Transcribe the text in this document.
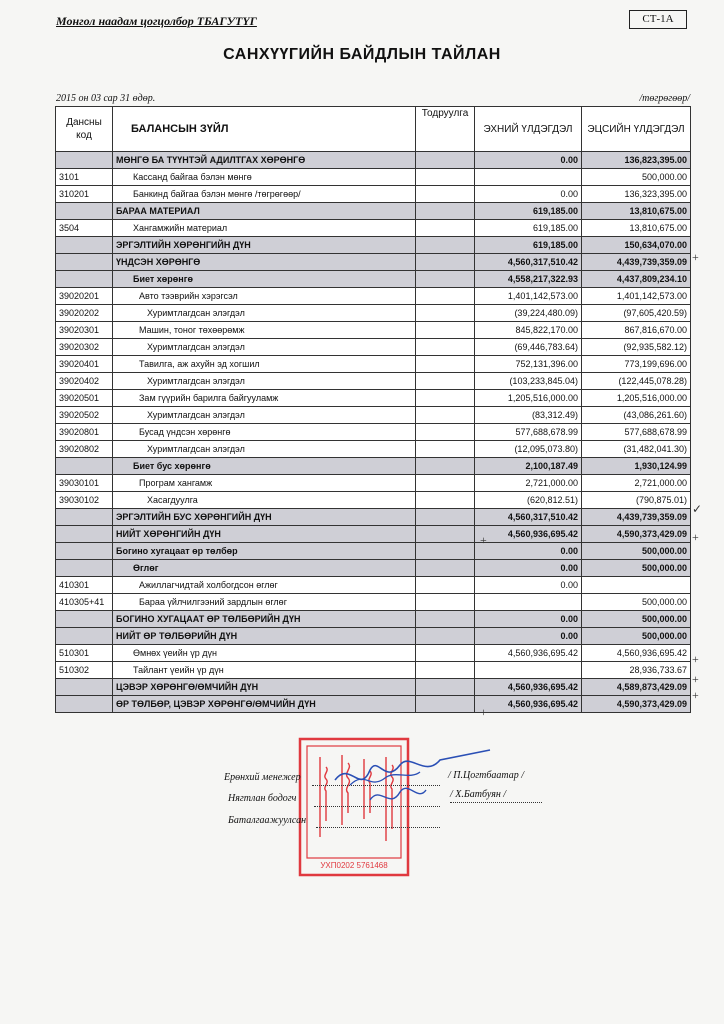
Монгол наадам цогцолбор ТБАГУТҮГ	СТ-1А
САНХҮҮГИЙН БАЙДЛЫН ТАЙЛАН
2015 он 03 сар 31 өдөр.	/төгрөгөөр/
Дансны код	БАЛАНСЫН ЗҮЙЛ	Тодруулга	ЭХНИЙ ҮЛДЭГДЭЛ	ЭЦСИЙН ҮЛДЭГДЭЛ
	МӨНГӨ БА ТҮҮНТЭЙ АДИЛТГАХ ХӨРӨНГӨ		0.00	136,823,395.00
3101	Кассанд байгаа бэлэн мөнгө			500,000.00
310201	Банкинд байгаа бэлэн мөнгө /төгрөгөөр/		0.00	136,323,395.00
	БАРАА МАТЕРИАЛ		619,185.00	13,810,675.00
3504	Хангамжийн материал		619,185.00	13,810,675.00
	ЭРГЭЛТИЙН ХӨРӨНГИЙН ДҮН		619,185.00	150,634,070.00
	ҮНДСЭН ХӨРӨНГӨ		4,560,317,510.42	4,439,739,359.09
	Биет хөрөнгө		4,558,217,322.93	4,437,809,234.10
39020201	Авто тээврийн хэрэгсэл		1,401,142,573.00	1,401,142,573.00
39020202	Хуримтлагдсан элэгдэл		(39,224,480.09)	(97,605,420.59)
39020301	Машин, тоног төхөөрөмж		845,822,170.00	867,816,670.00
39020302	Хуримтлагдсан элэгдэл		(69,446,783.64)	(92,935,582.12)
39020401	Тавилга, аж ахуйн эд хогшил		752,131,396.00	773,199,696.00
39020402	Хуримтлагдсан элэгдэл		(103,233,845.04)	(122,445,078.28)
39020501	Зам гүүрийн барилга байгууламж		1,205,516,000.00	1,205,516,000.00
39020502	Хуримтлагдсан элэгдэл		(83,312.49)	(43,086,261.60)
39020801	Бусад үндсэн хөрөнгө		577,688,678.99	577,688,678.99
39020802	Хуримтлагдсан элэгдэл		(12,095,073.80)	(31,482,041.30)
	Биет бус хөрөнгө		2,100,187.49	1,930,124.99
39030101	Програм хангамж		2,721,000.00	2,721,000.00
39030102	Хасагдуулга		(620,812.51)	(790,875.01)
	ЭРГЭЛТИЙН БУС ХӨРӨНГИЙН ДҮН		4,560,317,510.42	4,439,739,359.09
	НИЙТ ХӨРӨНГИЙН ДҮН		4,560,936,695.42	4,590,373,429.09
	Богино хугацаат өр төлбөр		0.00	500,000.00
	Өглөг		0.00	500,000.00
410301	Ажиллагчидтай холбогдсон өглөг		0.00	
410305+41	Бараа үйлчилгээний зардлын өглөг			500,000.00
	БОГИНО ХУГАЦААТ ӨР ТӨЛБӨРИЙН ДҮН		0.00	500,000.00
	НИЙТ ӨР ТӨЛБӨРИЙН ДҮН		0.00	500,000.00
510301	Өмнөх үеийн үр дүн		4,560,936,695.42	4,560,936,695.42
510302	Тайлант үеийн үр дүн			28,936,733.67
	ЦЭВЭР ХӨРӨНГӨ/ӨМЧИЙН ДҮН		4,560,936,695.42	4,589,873,429.09
	ӨР ТӨЛБӨР, ЦЭВЭР ХӨРӨНГӨ/ӨМЧИЙН ДҮН		4,560,936,695.42	4,590,373,429.09
УХП0202 5761468
Ерөнхий менежер	/ П.Цогтбаатар /
Нягтлан бодогч	/ Х.Батбуян /
Баталгаажуулсан
+
+
+
+
+
+
+
✓
